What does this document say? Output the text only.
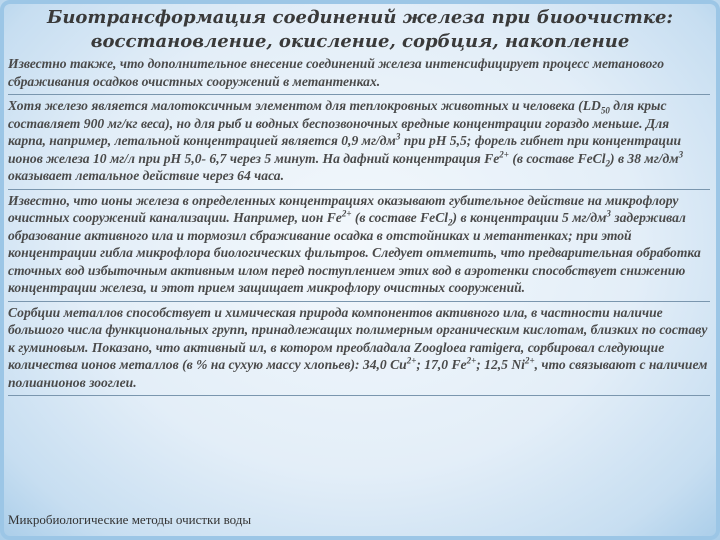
Биотрансформация соединений железа при биоочистке:
восстановление, окисление, сорбция, накопление

Известно также, что дополнительное внесение соединений железа интенсифицирует процесс метанового сбраживания осадков очистных сооружений в метантенках.

Хотя железо является малотоксичным элементом для теплокровных животных и человека ($LD_{50}$ для крыс составляет 900 мг/кг веса), но для рыб и водных беспозвоночных вредные концентрации гораздо меньше. Для карпа, например, летальной концентрацией является 0,9 $мг/дм^3$ при pH 5,5; форель гибнет при концентрации ионов железа 10 мг/л при pH 5,0- 6,7 через 5 минут. На дафний концентрация $Fe^{2+}$ (в составе FeCl$_2$) в 38 $мг/дм^3$ оказывает летальное действие через 64 часа.

Известно, что ионы железа в определенных концентрациях оказывают губительное действие на микрофлору очистных сооружений канализации. Например, ион $Fe^{2+}$ (в составе FeCl$_2$) в концентрации 5 $мг/дм^3$ задерживал образование активного ила и тормозил сбраживание осадка в отстойниках и метантенках; при этой концентрации гибла микрофлора биологических фильтров. Следует отметить, что предварительная обработка сточных вод избыточным активным илом перед поступлением этих вод в аэротенки способствует снижению концентрации железа, и этот прием защищает микрофлору очистных сооружений.

Сорбции металлов способствует и химическая природа компонентов активного ила, в частности наличие большого числа функциональных групп, принадлежащих полимерным органическим кислотам, близких по составу к гуминовым. Показано, что активный ил, в котором преобладала Zoogloea ramigera, сорбировал следующие количества ионов металлов (в % на сухую массу хлопьев): 34,0 $Cu^{2+}$; 17,0 $Fe^{2+}$; 12,5 $Ni^{2+}$, что связывают с наличием полианионов зооглеи.

Микробиологические методы очистки воды
